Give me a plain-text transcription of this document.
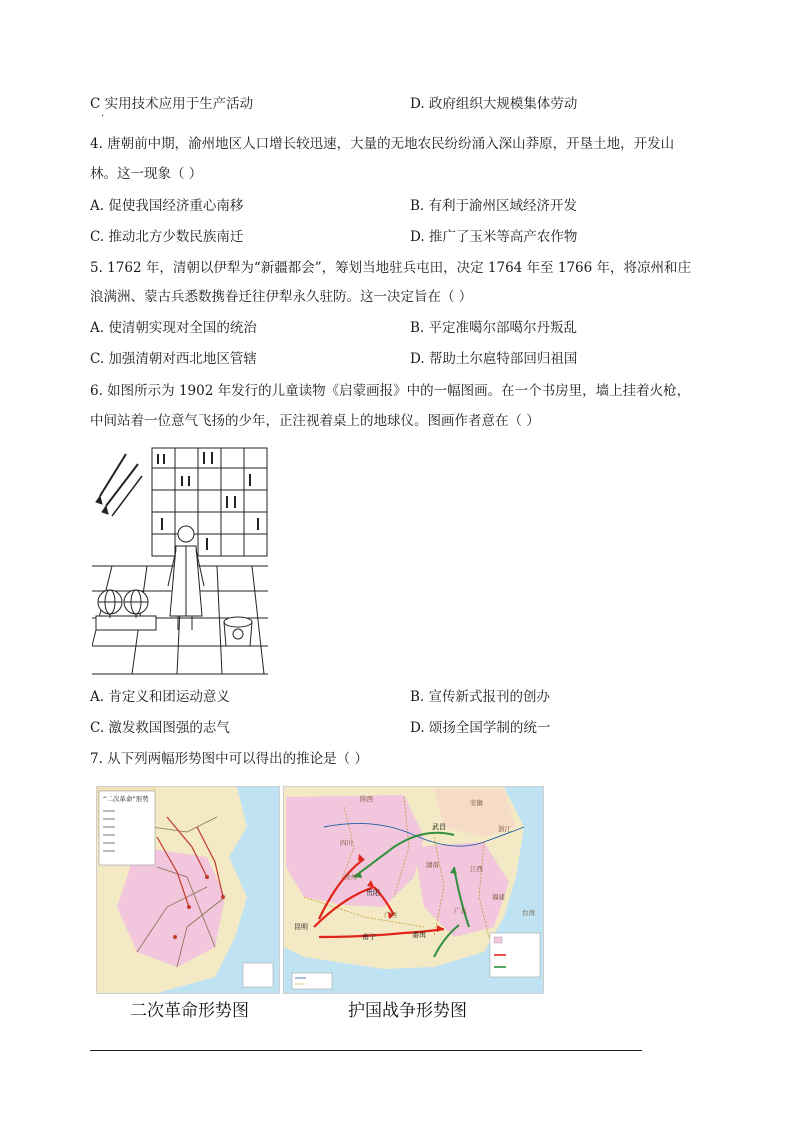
C 实用技术应用于生产活动
·
D. 政府组织大规模集体劳动
4. 唐朝前中期，渝州地区人口增长较迅速，大量的无地农民纷纷涌入深山莽原，开垦土地，开发山
林。这一现象（ ）
A. 促使我国经济重心南移	B. 有利于渝州区域经济开发
C. 推动北方少数民族南迁	D. 推广了玉米等高产农作物
5. 1762 年，清朝以伊犁为“新疆都会”，筹划当地驻兵屯田，决定 1764 年至 1766 年，将凉州和庄
浪满洲、蒙古兵悉数携眷迁往伊犁永久驻防。这一决定旨在（ ）
A. 使清朝实现对全国的统治	B. 平定准噶尔部噶尔丹叛乱
C. 加强清朝对西北地区管辖	D. 帮助土尔扈特部回归祖国
6. 如图所示为 1902 年发行的儿童读物《启蒙画报》中的一幅图画。在一个书房里，墙上挂着火枪，
中间站着一位意气飞扬的少年，正注视着桌上的地球仪。图画作者意在（ ）
A. 肯定义和团运动意义	B. 宣传新式报刊的创办
C. 激发救国图强的志气	D. 颂扬全国学制的统一
7. 从下列两幅形势图中可以得出的推论是（ ）
“二次革命”形势
武昌
贵阳
昆明
南宁	番禺
四川
陕西
湖南	江西
浙江
贵州
广西	广东
福建
安徽
台湾
二次革命形势图	护国战争形势图
